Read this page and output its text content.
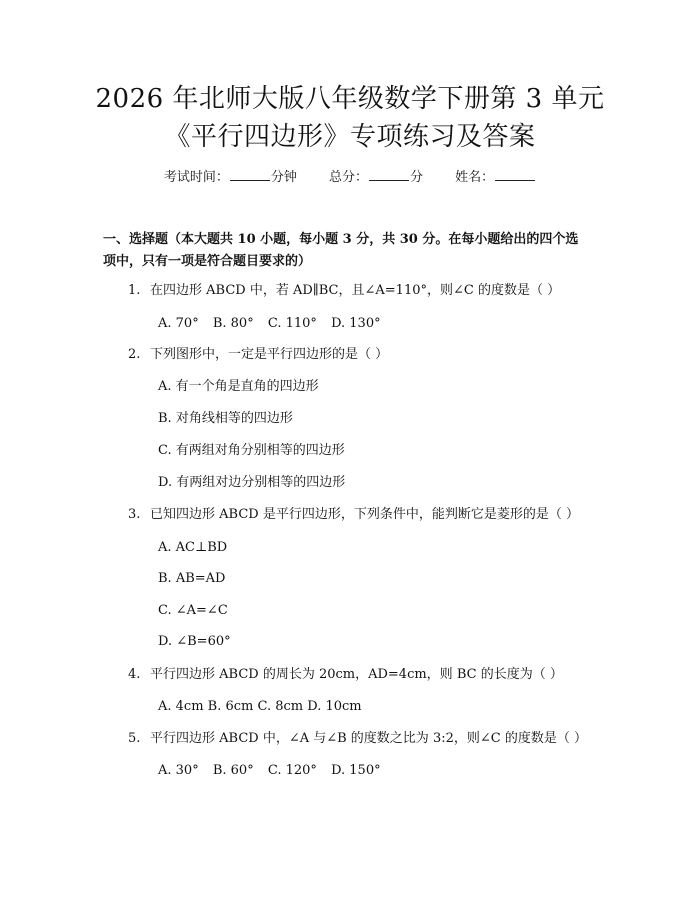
2026 年北师大版八年级数学下册第 3 单元
《平行四边形》专项练习及答案
考试时间：	分钟 总分：	分 姓名：
一、选择题（本大题共 10 小题，每小题 3 分，共 30 分。在每小题给出的四个选
项中，只有一项是符合题目要求的）
1. 在四边形 ABCD 中，若 AD∥BC，且∠A=110°，则∠C 的度数是（ ）
A. 70° B. 80° C. 110° D. 130°
2. 下列图形中，一定是平行四边形的是（ ）
A. 有一个角是直角的四边形
B. 对角线相等的四边形
C. 有两组对角分别相等的四边形
D. 有两组对边分别相等的四边形
3. 已知四边形 ABCD 是平行四边形，下列条件中，能判断它是菱形的是（ ）
A. AC⊥BD
B. AB=AD
C. ∠A=∠C
D. ∠B=60°
4. 平行四边形 ABCD 的周长为 20cm，AD=4cm，则 BC 的长度为（ ）
A. 4cm B. 6cm C. 8cm D. 10cm
5. 平行四边形 ABCD 中，∠A 与∠B 的度数之比为 3:2，则∠C 的度数是（ ）
A. 30° B. 60° C. 120° D. 150°
